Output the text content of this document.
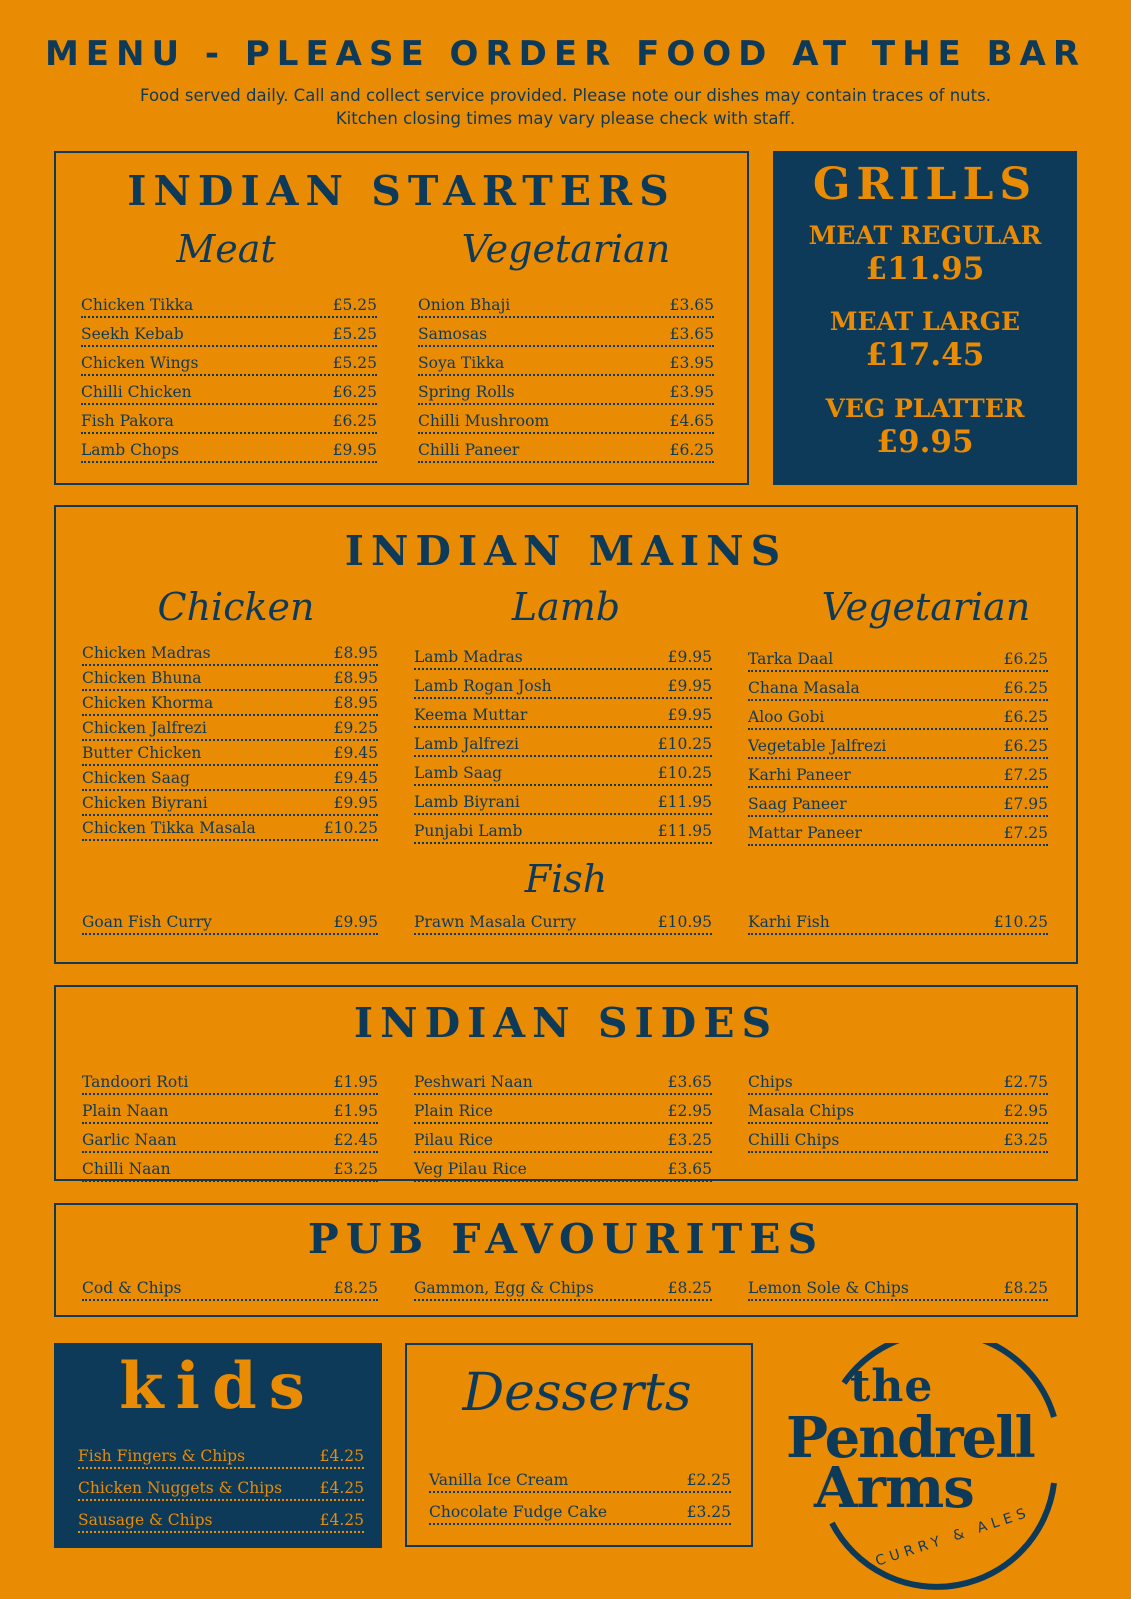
MENU - PLEASE ORDER FOOD AT THE BAR
Food served daily. Call and collect service provided. Please note our dishes may contain traces of nuts.
Kitchen closing times may vary please check with staff.
INDIAN STARTERS
Meat	Vegetarian
Chicken Tikka	£5.25
Seekh Kebab	£5.25
Chicken Wings	£5.25
Chilli Chicken	£6.25
Fish Pakora	£6.25
Lamb Chops	£9.95
Onion Bhaji	£3.65
Samosas	£3.65
Soya Tikka	£3.95
Spring Rolls	£3.95
Chilli Mushroom	£4.65
Chilli Paneer	£6.25
GRILLS
MEAT REGULAR
£11.95
MEAT LARGE
£17.45
VEG PLATTER
£9.95
INDIAN MAINS
Chicken	Lamb	Vegetarian
Chicken Madras	£8.95
Chicken Bhuna	£8.95
Chicken Khorma	£8.95
Chicken Jalfrezi	£9.25
Butter Chicken	£9.45
Chicken Saag	£9.45
Chicken Biyrani	£9.95
Chicken Tikka Masala	£10.25
Lamb Madras	£9.95
Lamb Rogan Josh	£9.95
Keema Muttar	£9.95
Lamb Jalfrezi	£10.25
Lamb Saag	£10.25
Lamb Biyrani	£11.95
Punjabi Lamb	£11.95
Tarka Daal	£6.25
Chana Masala	£6.25
Aloo Gobi	£6.25
Vegetable Jalfrezi	£6.25
Karhi Paneer	£7.25
Saag Paneer	£7.95
Mattar Paneer	£7.25
Fish
Goan Fish Curry	£9.95 Prawn Masala Curry	£10.95 Karhi Fish	£10.25
INDIAN SIDES
Tandoori Roti	£1.95
Plain Naan	£1.95
Garlic Naan	£2.45
Chilli Naan	£3.25
Peshwari Naan	£3.65
Plain Rice	£2.95
Pilau Rice	£3.25
Veg Pilau Rice	£3.65
Chips	£2.75
Masala Chips	£2.95
Chilli Chips	£3.25
PUB FAVOURITES
Cod & Chips	£8.25 Gammon, Egg & Chips	£8.25 Lemon Sole & Chips	£8.25
kids
Fish Fingers & Chips	£4.25
Chicken Nuggets & Chips £4.25
Sausage & Chips	£4.25
Desserts
Vanilla Ice Cream	£2.25
Chocolate Fudge Cake	£3.25
the
Pendrell
Arms
CURRY & ALES
